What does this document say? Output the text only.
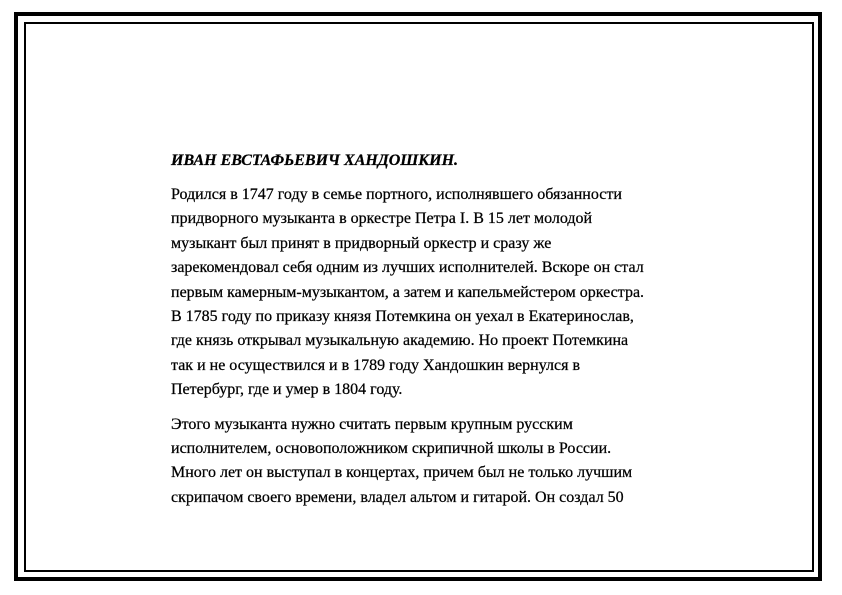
ИВАН ЕВСТАФЬЕВИЧ ХАНДОШКИН.
Родился в 1747 году в семье портного, исполнявшего обязанности
придворного музыканта в оркестре Петра I. В 15 лет молодой
музыкант был принят в придворный оркестр и сразу же
зарекомендовал себя одним из лучших исполнителей. Вскоре он стал
первым камерным-музыкантом, а затем и капельмейстером оркестра.
В 1785 году по приказу князя Потемкина он уехал в Екатеринослав,
где князь открывал музыкальную академию. Но проект Потемкина
так и не осуществился и в 1789 году Хандошкин вернулся в
Петербург, где и умер в 1804 году.
Этого музыканта нужно считать первым крупным русским
исполнителем, основоположником скрипичной школы в России.
Много лет он выступал в концертах, причем был не только лучшим
скрипачом своего времени, владел альтом и гитарой. Он создал 50
